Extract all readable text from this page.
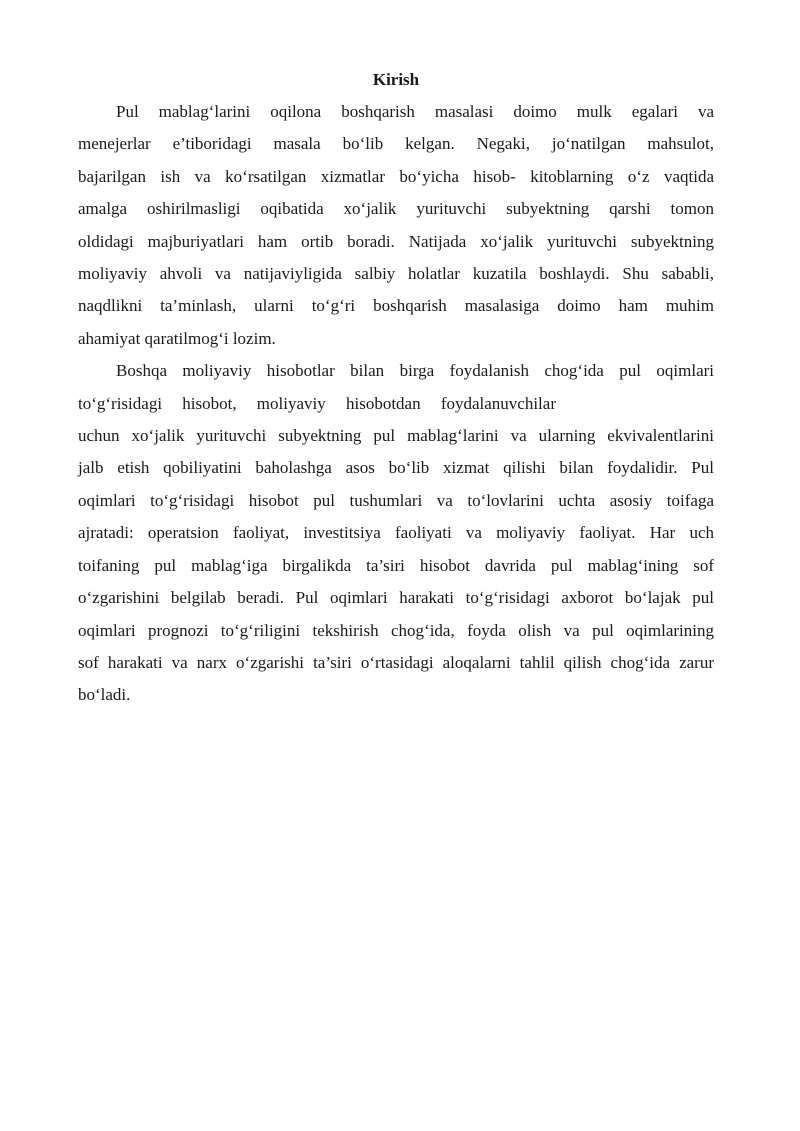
Kirish
Pul mablag‘larini oqilona boshqarish masalasi doimo mulk egalari va
menejerlar e’tiboridagi masala bo‘lib kelgan. Negaki, jo‘natilgan mahsulot,
bajarilgan ish va ko‘rsatilgan xizmatlar bo‘yicha hisob- kitoblarning o‘z vaqtida
amalga oshirilmasligi oqibatida xo‘jalik yurituvchi subyektning qarshi tomon
oldidagi majburiyatlari ham ortib boradi. Natijada xo‘jalik yurituvchi subyektning
moliyaviy ahvoli va natijaviyligida salbiy holatlar kuzatila boshlaydi. Shu sababli,
naqdlikni ta’minlash, ularni to‘g‘ri boshqarish masalasiga doimo ham muhim
ahamiyat qaratilmog‘i lozim.
Boshqa moliyaviy hisobotlar bilan birga foydalanish chog‘ida pul oqimlari
to‘g‘risidagi hisobot, moliyaviy hisobotdan foydalanuvchilar
uchun xo‘jalik yurituvchi subyektning pul mablag‘larini va ularning ekvivalentlarini
jalb etish qobiliyatini baholashga asos bo‘lib xizmat qilishi bilan foydalidir. Pul
oqimlari to‘g‘risidagi hisobot pul tushumlari va to‘lovlarini uchta asosiy toifaga
ajratadi: operatsion faoliyat, investitsiya faoliyati va moliyaviy faoliyat. Har uch
toifaning pul mablag‘iga birgalikda ta’siri hisobot davrida pul mablag‘ining sof
o‘zgarishini belgilab beradi. Pul oqimlari harakati to‘g‘risidagi axborot bo‘lajak pul
oqimlari prognozi to‘g‘riligini tekshirish chog‘ida, foyda olish va pul oqimlarining
sof harakati va narx o‘zgarishi ta’siri o‘rtasidagi aloqalarni tahlil qilish chog‘ida zarur
bo‘ladi.
